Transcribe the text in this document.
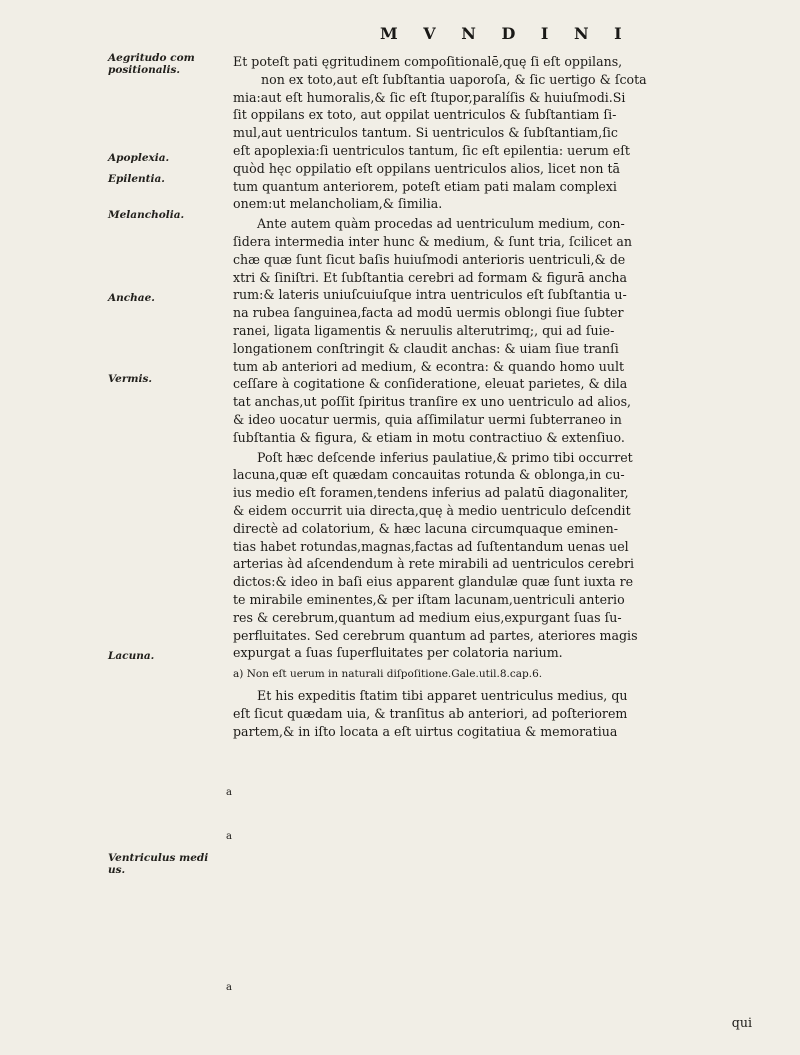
M V N D I N I
Aegritudo com positionalis.
Apoplexia.
Epilentia.
Melancholia.
Anchae.
Vermis.
Lacuna.
Ventriculus medi us.
Et poteſt pati ęgritudinem compoſitionalē,quę ſi eſt oppilans,
non ex toto,aut eſt ſubſtantia uaporoſa, & ſic uertigo & ſcota
mia:aut eſt humoralis,& ſic eſt ſtupor,paralíſis & huiuſmodi.Si
ſit oppilans ex toto, aut oppilat uentriculos & ſubſtantiam ſi-
mul,aut uentriculos tantum. Si uentriculos & ſubſtantiam,ſic
eſt apoplexia:ſi uentriculos tantum, ſic eſt epilentia: uerum eſt
quòd hęc oppilatio eſt oppilans uentriculos alios, licet non tā
tum quantum anteriorem, poteſt etiam pati malam complexi
onem:ut melancholiam,& ſimilia.
Ante autem quàm procedas ad uentriculum medium, con-
ſidera intermedia inter hunc & medium, & ſunt tria, ſcilicet an
chæ quæ ſunt ſicut baſis huiuſmodi anterioris uentriculi,& de
xtri & ſiniſtri. Et ſubſtantia cerebri ad formam & figurā ancha
rum:& lateris uniuſcuiuſque intra uentriculos eſt ſubſtantia u-
na rubea ſanguinea,facta ad modū uermis oblongi ſiue ſubter
ranei, ligata ligamentis & neruulis alterutrimq;, qui ad ſuie-
longationem conſtringit & claudit anchas: & uiam ſiue tranſi
tum ab anteriori ad medium, & econtra: & quando homo uult
ceſſare à cogitatione & conſideratione, eleuat parietes, & dila
tat anchas,ut poſſit ſpiritus tranſire ex uno uentriculo ad alios,
& ideo uocatur uermis, quia aſſimilatur uermi ſubterraneo in
ſubſtantia & figura, & etiam in motu contractiuo & extenſiuo.
Poſt hæc deſcende inferius paulatiue,& primo tibi occurret
lacuna,quæ eſt quædam concauitas rotunda & oblonga,in cu-
ius medio eſt foramen,tendens inferius ad palatū diagonaliter,
& eidem occurrit uia directa,quę à medio uentriculo deſcendit
directè ad colatorium, & hæc lacuna circumquaque eminen-
tias habet rotundas,magnas,factas ad ſuſtentandum uenas uel
arterias àd aſcendendum à rete mirabili ad uentriculos cerebri
dictos:& ideo in baſi eius apparent glandulæ quæ ſunt iuxta re
te mirabile eminentes,& per iſtam lacunam,uentriculi anterio
res & cerebrum,quantum ad medium eius,expurgant ſuas ſu-
perfluitates. Sed cerebrum quantum ad partes, ateriores magis
expurgat a ſuas ſuperfluitates per colatoria narium.
a) Non eſt uerum in naturali diſpoſitione.Gale.util.8.cap.6.
Et his expeditis ſtatim tibi apparet uentriculus medius, qu
eſt ſicut quædam uia, & tranſitus ab anteriori, ad poſteriorem
partem,& in iſto locata a eſt uirtus cogitatiua & memoratiua
a
a
a
qui
